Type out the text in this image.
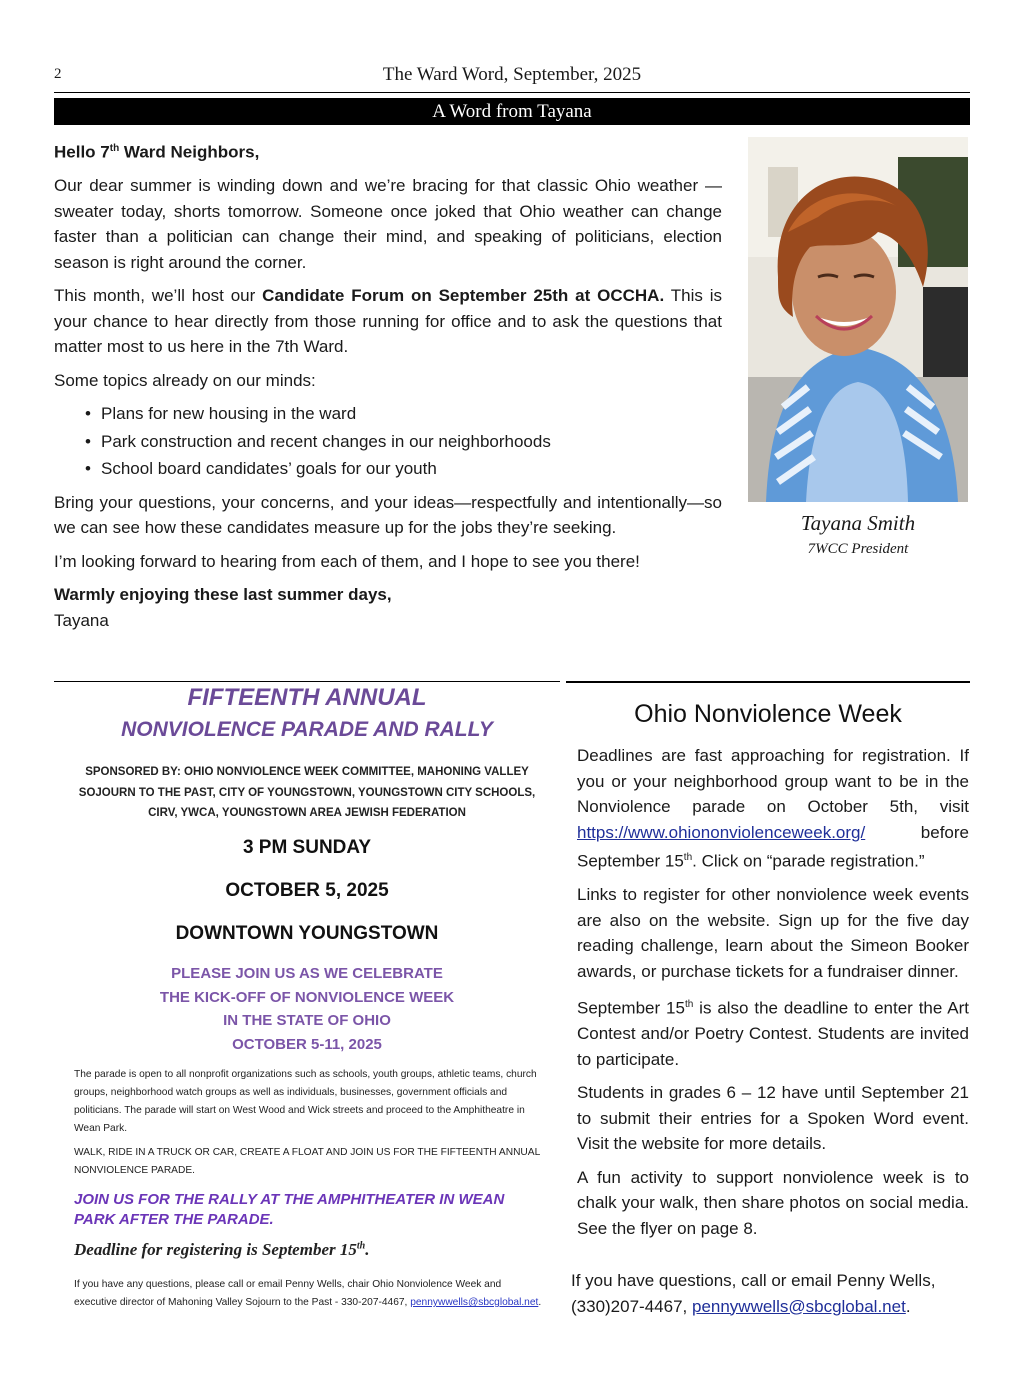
2	The Ward Word, September, 2025
A Word from Tayana

Hello 7th Ward Neighbors,

Our dear summer is winding down and we’re bracing for that classic Ohio weather — sweater today, shorts tomorrow. Someone once joked that Ohio weather can change faster than a politician can change their mind, and speaking of politicians, election season is right around the corner.

This month, we’ll host our Candidate Forum on September 25th at OCCHA. This is your chance to hear directly from those running for office and to ask the questions that matter most to us here in the 7th Ward.

Some topics already on our minds:

• Plans for new housing in the ward
• Park construction and recent changes in our neighborhoods
• School board candidates’ goals for our youth

Bring your questions, your concerns, and your ideas—respectfully and intentionally—so we can see how these candidates measure up for the jobs they’re seeking.

I’m looking forward to hearing from each of them, and I hope to see you there!

Warmly enjoying these last summer days,

Tayana

Tayana Smith
7WCC President
FIFTEENTH ANNUAL
NONVIOLENCE PARADE AND RALLY
SPONSORED BY: OHIO NONVIOLENCE WEEK COMMITTEE, MAHONING VALLEY SOJOURN TO THE PAST, CITY OF YOUNGSTOWN, YOUNGSTOWN CITY SCHOOLS, CIRV, YWCA, YOUNGSTOWN AREA JEWISH FEDERATION
3 PM SUNDAY
OCTOBER 5, 2025
DOWNTOWN YOUNGSTOWN
PLEASE JOIN US AS WE CELEBRATE
THE KICK-OFF OF NONVIOLENCE WEEK
IN THE STATE OF OHIO
OCTOBER 5-11, 2025
The parade is open to all nonprofit organizations such as schools, youth groups, athletic teams, church groups, neighborhood watch groups as well as individuals, businesses, government officials and politicians. The parade will start on West Wood and Wick streets and proceed to the Amphitheatre in Wean Park.
WALK, RIDE IN A TRUCK OR CAR, CREATE A FLOAT AND JOIN US FOR THE FIFTEENTH ANNUAL NONVIOLENCE PARADE.
JOIN US FOR THE RALLY AT THE AMPHITHEATER IN WEAN PARK AFTER THE PARADE.
Deadline for registering is September 15th.
If you have any questions, please call or email Penny Wells, chair Ohio Nonviolence Week and executive director of Mahoning Valley Sojourn to the Past - 330-207-4467, pennywwells@sbcglobal.net.
Ohio Nonviolence Week

Deadlines are fast approaching for registration. If you or your neighborhood group want to be in the Nonviolence parade on October 5th, visit https://www.ohiononviolenceweek.org/ before September 15th. Click on “parade registration.”

Links to register for other nonviolence week events are also on the website. Sign up for the five day reading challenge, learn about the Simeon Booker awards, or purchase tickets for a fundraiser dinner.

September 15th is also the deadline to enter the Art Contest and/or Poetry Contest. Students are invited to participate.

Students in grades 6 – 12 have until September 21 to submit their entries for a Spoken Word event. Visit the website for more details.

A fun activity to support nonviolence week is to chalk your walk, then share photos on social media. See the flyer on page 8.

If you have questions, call or email Penny Wells, (330)207-4467, pennywwells@sbcglobal.net.
